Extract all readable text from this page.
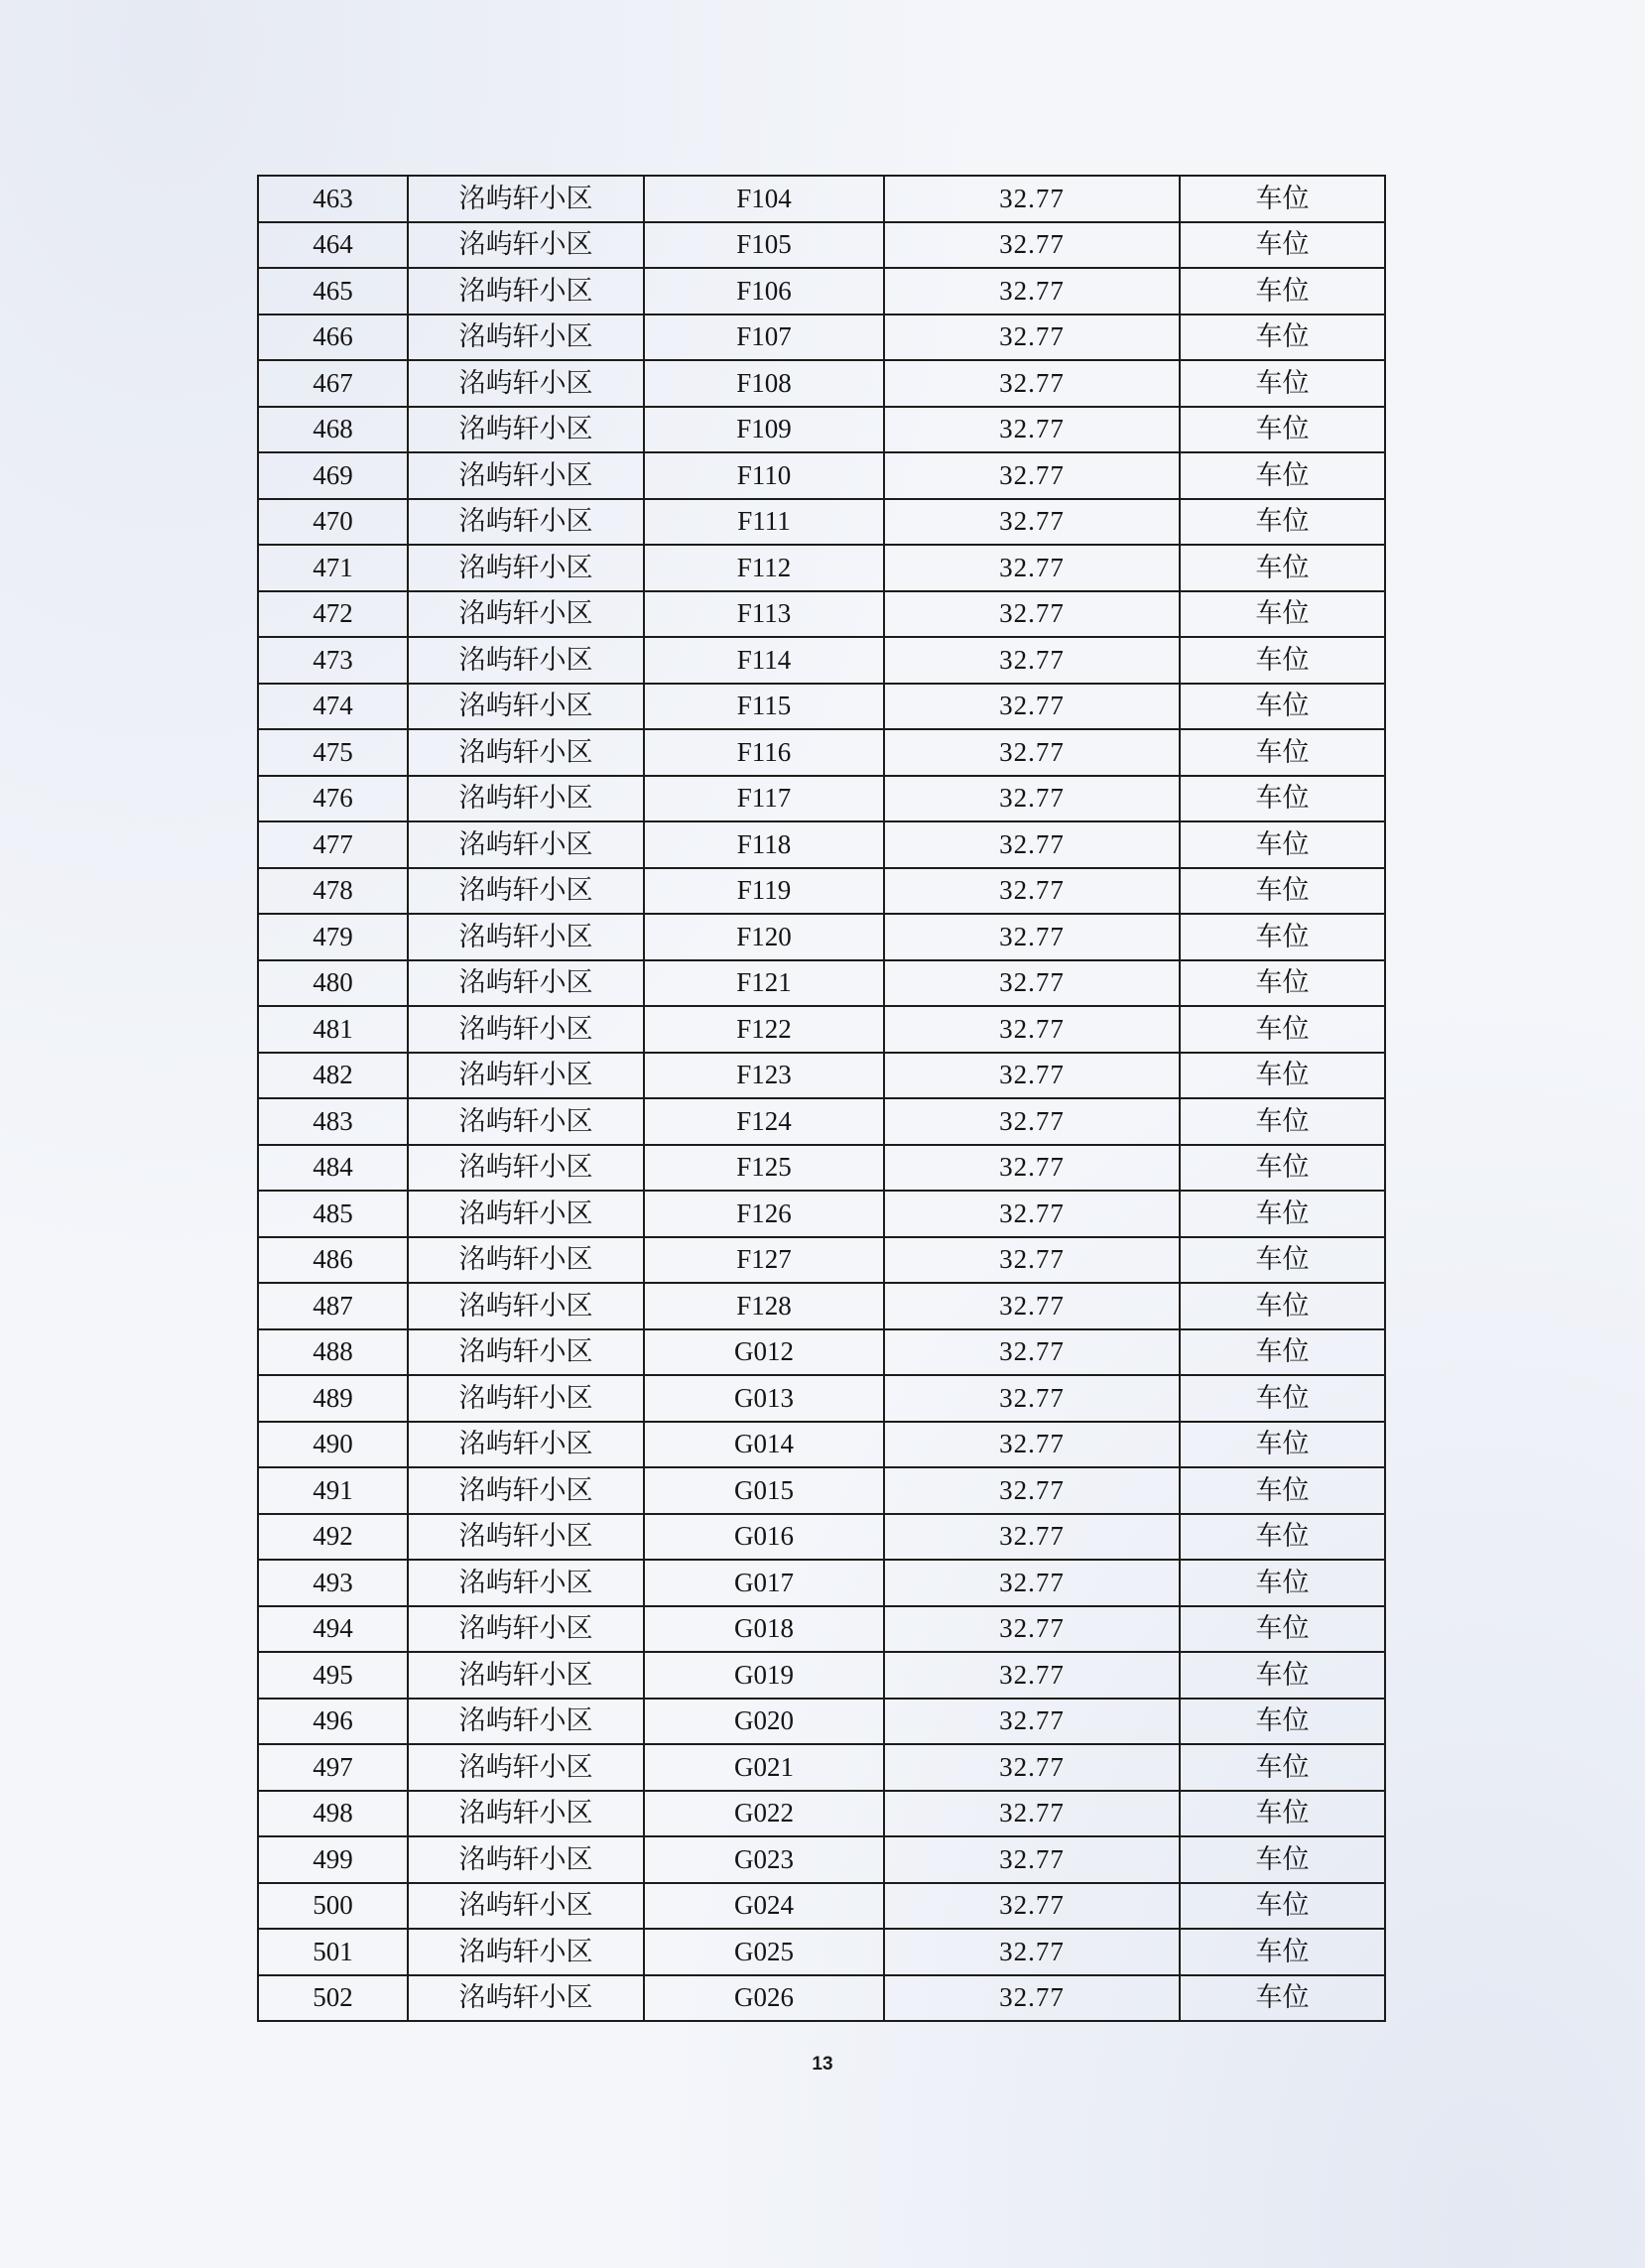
463	洺屿轩小区	F104	32.77	车位
464	洺屿轩小区	F105	32.77	车位
465	洺屿轩小区	F106	32.77	车位
466	洺屿轩小区	F107	32.77	车位
467	洺屿轩小区	F108	32.77	车位
468	洺屿轩小区	F109	32.77	车位
469	洺屿轩小区	F110	32.77	车位
470	洺屿轩小区	F111	32.77	车位
471	洺屿轩小区	F112	32.77	车位
472	洺屿轩小区	F113	32.77	车位
473	洺屿轩小区	F114	32.77	车位
474	洺屿轩小区	F115	32.77	车位
475	洺屿轩小区	F116	32.77	车位
476	洺屿轩小区	F117	32.77	车位
477	洺屿轩小区	F118	32.77	车位
478	洺屿轩小区	F119	32.77	车位
479	洺屿轩小区	F120	32.77	车位
480	洺屿轩小区	F121	32.77	车位
481	洺屿轩小区	F122	32.77	车位
482	洺屿轩小区	F123	32.77	车位
483	洺屿轩小区	F124	32.77	车位
484	洺屿轩小区	F125	32.77	车位
485	洺屿轩小区	F126	32.77	车位
486	洺屿轩小区	F127	32.77	车位
487	洺屿轩小区	F128	32.77	车位
488	洺屿轩小区	G012	32.77	车位
489	洺屿轩小区	G013	32.77	车位
490	洺屿轩小区	G014	32.77	车位
491	洺屿轩小区	G015	32.77	车位
492	洺屿轩小区	G016	32.77	车位
493	洺屿轩小区	G017	32.77	车位
494	洺屿轩小区	G018	32.77	车位
495	洺屿轩小区	G019	32.77	车位
496	洺屿轩小区	G020	32.77	车位
497	洺屿轩小区	G021	32.77	车位
498	洺屿轩小区	G022	32.77	车位
499	洺屿轩小区	G023	32.77	车位
500	洺屿轩小区	G024	32.77	车位
501	洺屿轩小区	G025	32.77	车位
502	洺屿轩小区	G026	32.77	车位
13
